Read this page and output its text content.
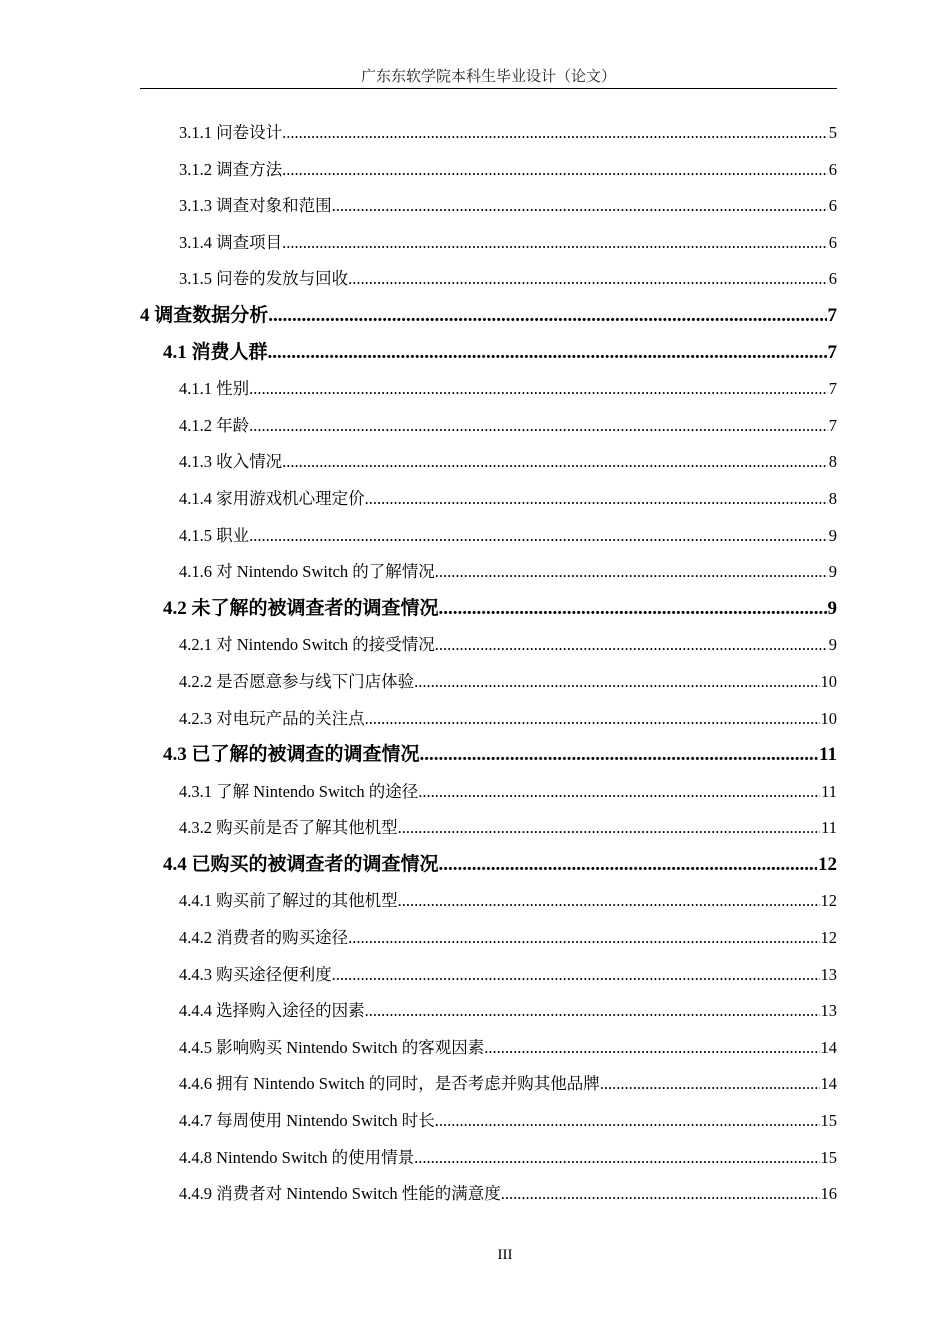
广东东软学院本科生毕业设计（论文）
3.1.1 问卷设计 .....	5
3.1.2 调查方法 .....	6
3.1.3 调查对象和范围 .....	6
3.1.4 调查项目 .....	6
3.1.5 问卷的发放与回收 .....	6
4 调查数据分析 .....	7
4.1 消费人群 .....	7
4.1.1 性别 .....	7
4.1.2 年龄 .....	7
4.1.3 收入情况 .....	8
4.1.4 家用游戏机心理定价 .....	8
4.1.5 职业 .....	9
4.1.6 对 Nintendo Switch 的了解情况 .....	9
4.2 未了解的被调查者的调查情况 .....	9
4.2.1 对 Nintendo Switch 的接受情况 .....	9
4.2.2 是否愿意参与线下门店体验 .....	10
4.2.3 对电玩产品的关注点 .....	10
4.3 已了解的被调查的调查情况 .....	11
4.3.1 了解 Nintendo Switch 的途径 .....	11
4.3.2 购买前是否了解其他机型 .....	11
4.4 已购买的被调查者的调查情况 .....	12
4.4.1 购买前了解过的其他机型 .....	12
4.4.2 消费者的购买途径 .....	12
4.4.3 购买途径便利度 .....	13
4.4.4 选择购入途径的因素 .....	13
4.4.5 影响购买 Nintendo Switch 的客观因素 .....	14
4.4.6 拥有 Nintendo Switch 的同时，是否考虑并购其他品牌 .....	14
4.4.7 每周使用 Nintendo Switch 时长 .....	15
4.4.8 Nintendo Switch 的使用情景 .....	15
4.4.9 消费者对 Nintendo Switch 性能的满意度 .....	16
III
